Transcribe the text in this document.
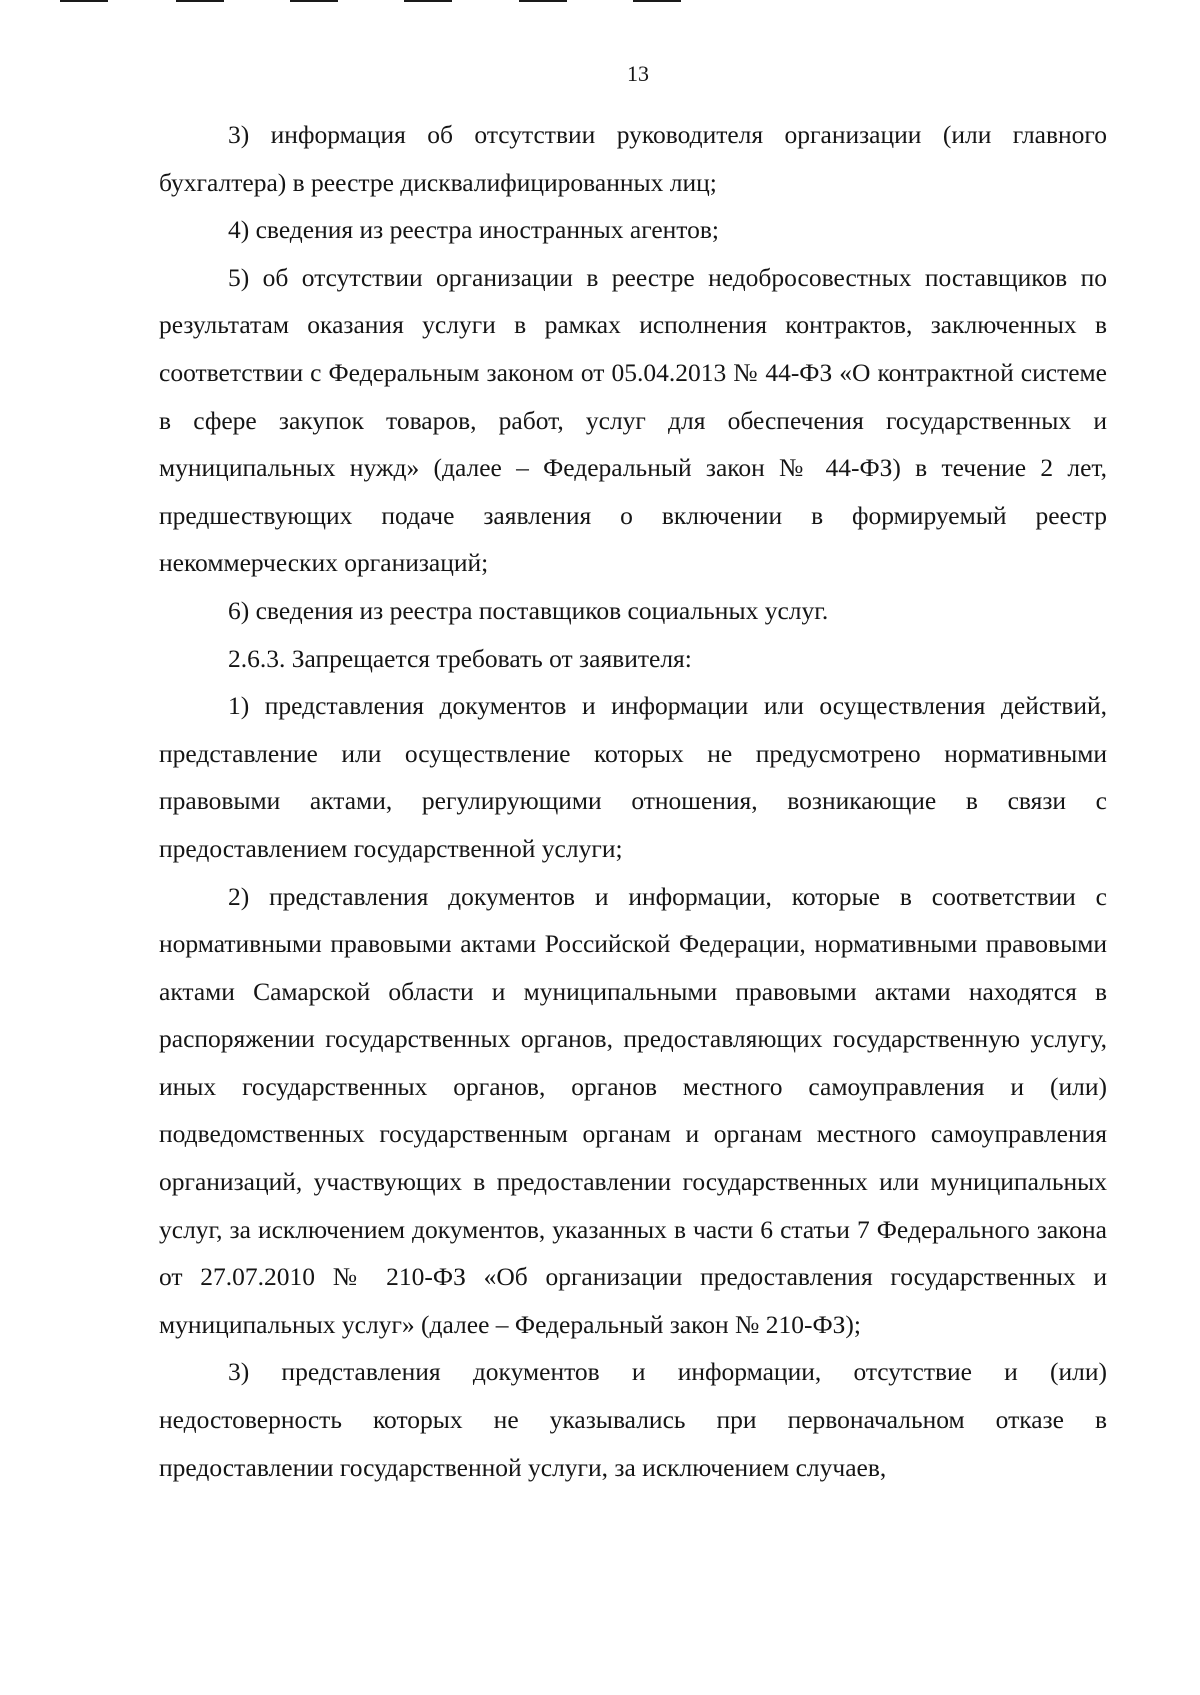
13

3) информация об отсутствии руководителя организации (или главного бухгалтера) в реестре дисквалифицированных лиц;

4) сведения из реестра иностранных агентов;

5) об отсутствии организации в реестре недобросовестных поставщиков по результатам оказания услуги в рамках исполнения контрактов, заключенных в соответствии с Федеральным законом от 05.04.2013 № 44-ФЗ «О контрактной системе в сфере закупок товаров, работ, услуг для обеспечения государственных и муниципальных нужд» (далее – Федеральный закон № 44-ФЗ) в течение 2 лет, предшествующих подаче заявления о включении в формируемый реестр некоммерческих организаций;

6) сведения из реестра поставщиков социальных услуг.

2.6.3. Запрещается требовать от заявителя:

1) представления документов и информации или осуществления действий, представление или осуществление которых не предусмотрено нормативными правовыми актами, регулирующими отношения, возникающие в связи с предоставлением государственной услуги;

2) представления документов и информации, которые в соответствии с нормативными правовыми актами Российской Федерации, нормативными правовыми актами Самарской области и муниципальными правовыми актами находятся в распоряжении государственных органов, предоставляющих государственную услугу, иных государственных органов, органов местного самоуправления и (или) подведомственных государственным органам и органам местного самоуправления организаций, участвующих в предоставлении государственных или муниципальных услуг, за исключением документов, указанных в части 6 статьи 7 Федерального закона от 27.07.2010 № 210-ФЗ «Об организации предоставления государственных и муниципальных услуг» (далее – Федеральный закон № 210-ФЗ);

3) представления документов и информации, отсутствие и (или) недостоверность которых не указывались при первоначальном отказе в предоставлении государственной услуги, за исключением случаев,
